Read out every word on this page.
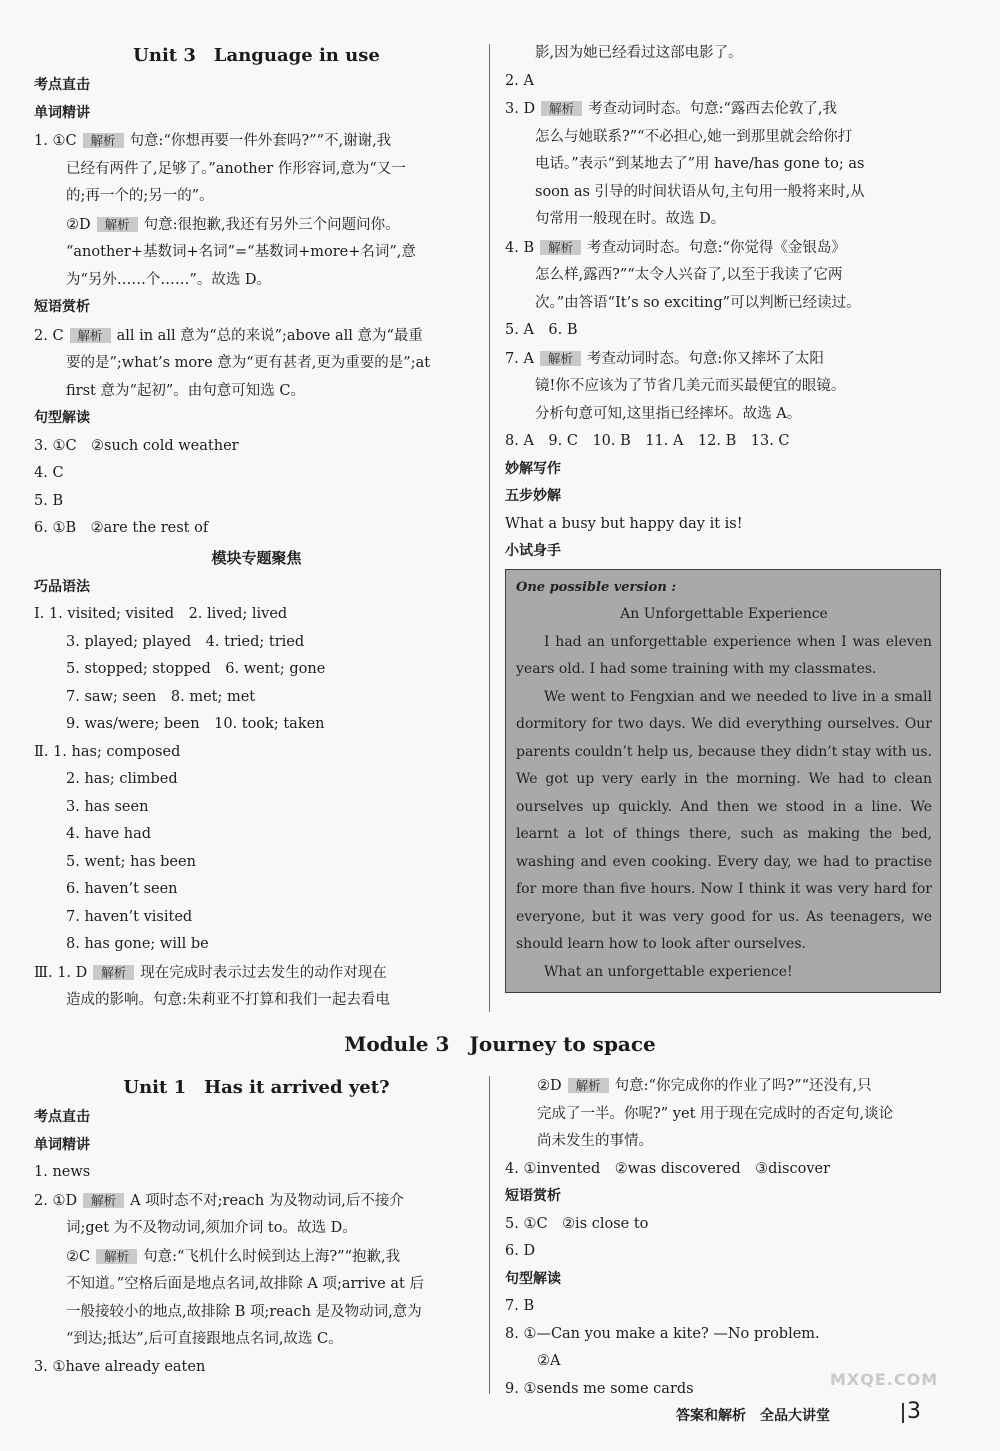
Unit 3　Language in use
考点直击
单词精讲
1. ①C 解析 句意:“你想再要一件外套吗?”“不,谢谢,我
已经有两件了,足够了。”another 作形容词,意为“又一
的;再一个的;另一的”。
②D 解析 句意:很抱歉,我还有另外三个问题问你。
“another+基数词+名词”=“基数词+more+名词”,意
为“另外……个……”。故选 D。
短语赏析
2. C 解析 all in all 意为“总的来说”;above all 意为“最重
要的是”;what’s more 意为“更有甚者,更为重要的是”;at
first 意为“起初”。由句意可知选 C。
句型解读
3. ①C　②such cold weather
4. C
5. B
6. ①B　②are the rest of
模块专题聚焦
巧品语法
Ⅰ. 1. visited; visited　2. lived; lived
3. played; played　4. tried; tried
5. stopped; stopped　6. went; gone
7. saw; seen　8. met; met
9. was/were; been　10. took; taken
Ⅱ. 1. has; composed
2. has; climbed
3. has seen
4. have had
5. went; has been
6. haven’t seen
7. haven’t visited
8. has gone; will be
Ⅲ. 1. D 解析 现在完成时表示过去发生的动作对现在
造成的影响。句意:朱莉亚不打算和我们一起去看电
影,因为她已经看过这部电影了。
2. A
3. D 解析 考查动词时态。句意:“露西去伦敦了,我
怎么与她联系?”“不必担心,她一到那里就会给你打
电话。”表示“到某地去了”用 have/has gone to; as
soon as 引导的时间状语从句,主句用一般将来时,从
句常用一般现在时。故选 D。
4. B 解析 考查动词时态。句意:“你觉得《金银岛》
怎么样,露西?”“太令人兴奋了,以至于我读了它两
次。”由答语“It’s so exciting”可以判断已经读过。
5. A　6. B
7. A 解析 考查动词时态。句意:你又摔坏了太阳
镜!你不应该为了节省几美元而买最便宜的眼镜。
分析句意可知,这里指已经摔坏。故选 A。
8. A　9. C　10. B　11. A　12. B　13. C
妙解写作
五步妙解
What a busy but happy day it is!
小试身手
One possible version :
An Unforgettable Experience
I had an unforgettable experience when I was eleven years old. I had some training with my classmates.
We went to Fengxian and we needed to live in a small dormitory for two days. We did everything ourselves. Our parents couldn’t help us, because they didn’t stay with us. We got up very early in the morning. We had to clean ourselves up quickly. And then we stood in a line. We learnt a lot of things there, such as making the bed, washing and even cooking. Every day, we had to practise for more than five hours. Now I think it was very hard for everyone, but it was very good for us. As teenagers, we should learn how to look after ourselves.
What an unforgettable experience!
Module 3　Journey to space
Unit 1　Has it arrived yet?
考点直击
单词精讲
1. news
2. ①D 解析 A 项时态不对;reach 为及物动词,后不接介
词;get 为不及物动词,须加介词 to。故选 D。
②C 解析 句意:“飞机什么时候到达上海?”“抱歉,我
不知道。”空格后面是地点名词,故排除 A 项;arrive at 后
一般接较小的地点,故排除 B 项;reach 是及物动词,意为
“到达;抵达”,后可直接跟地点名词,故选 C。
3. ①have already eaten
②D 解析 句意:“你完成你的作业了吗?”“还没有,只
完成了一半。你呢?” yet 用于现在完成时的否定句,谈论
尚未发生的事情。
4. ①invented　②was discovered　③discover
短语赏析
5. ①C　②is close to
6. D
句型解读
7. B
8. ①—Can you make a kite? —No problem.
②A
9. ①sends me some cards	MXQE.COM
答案和解析　全品大讲堂	3
